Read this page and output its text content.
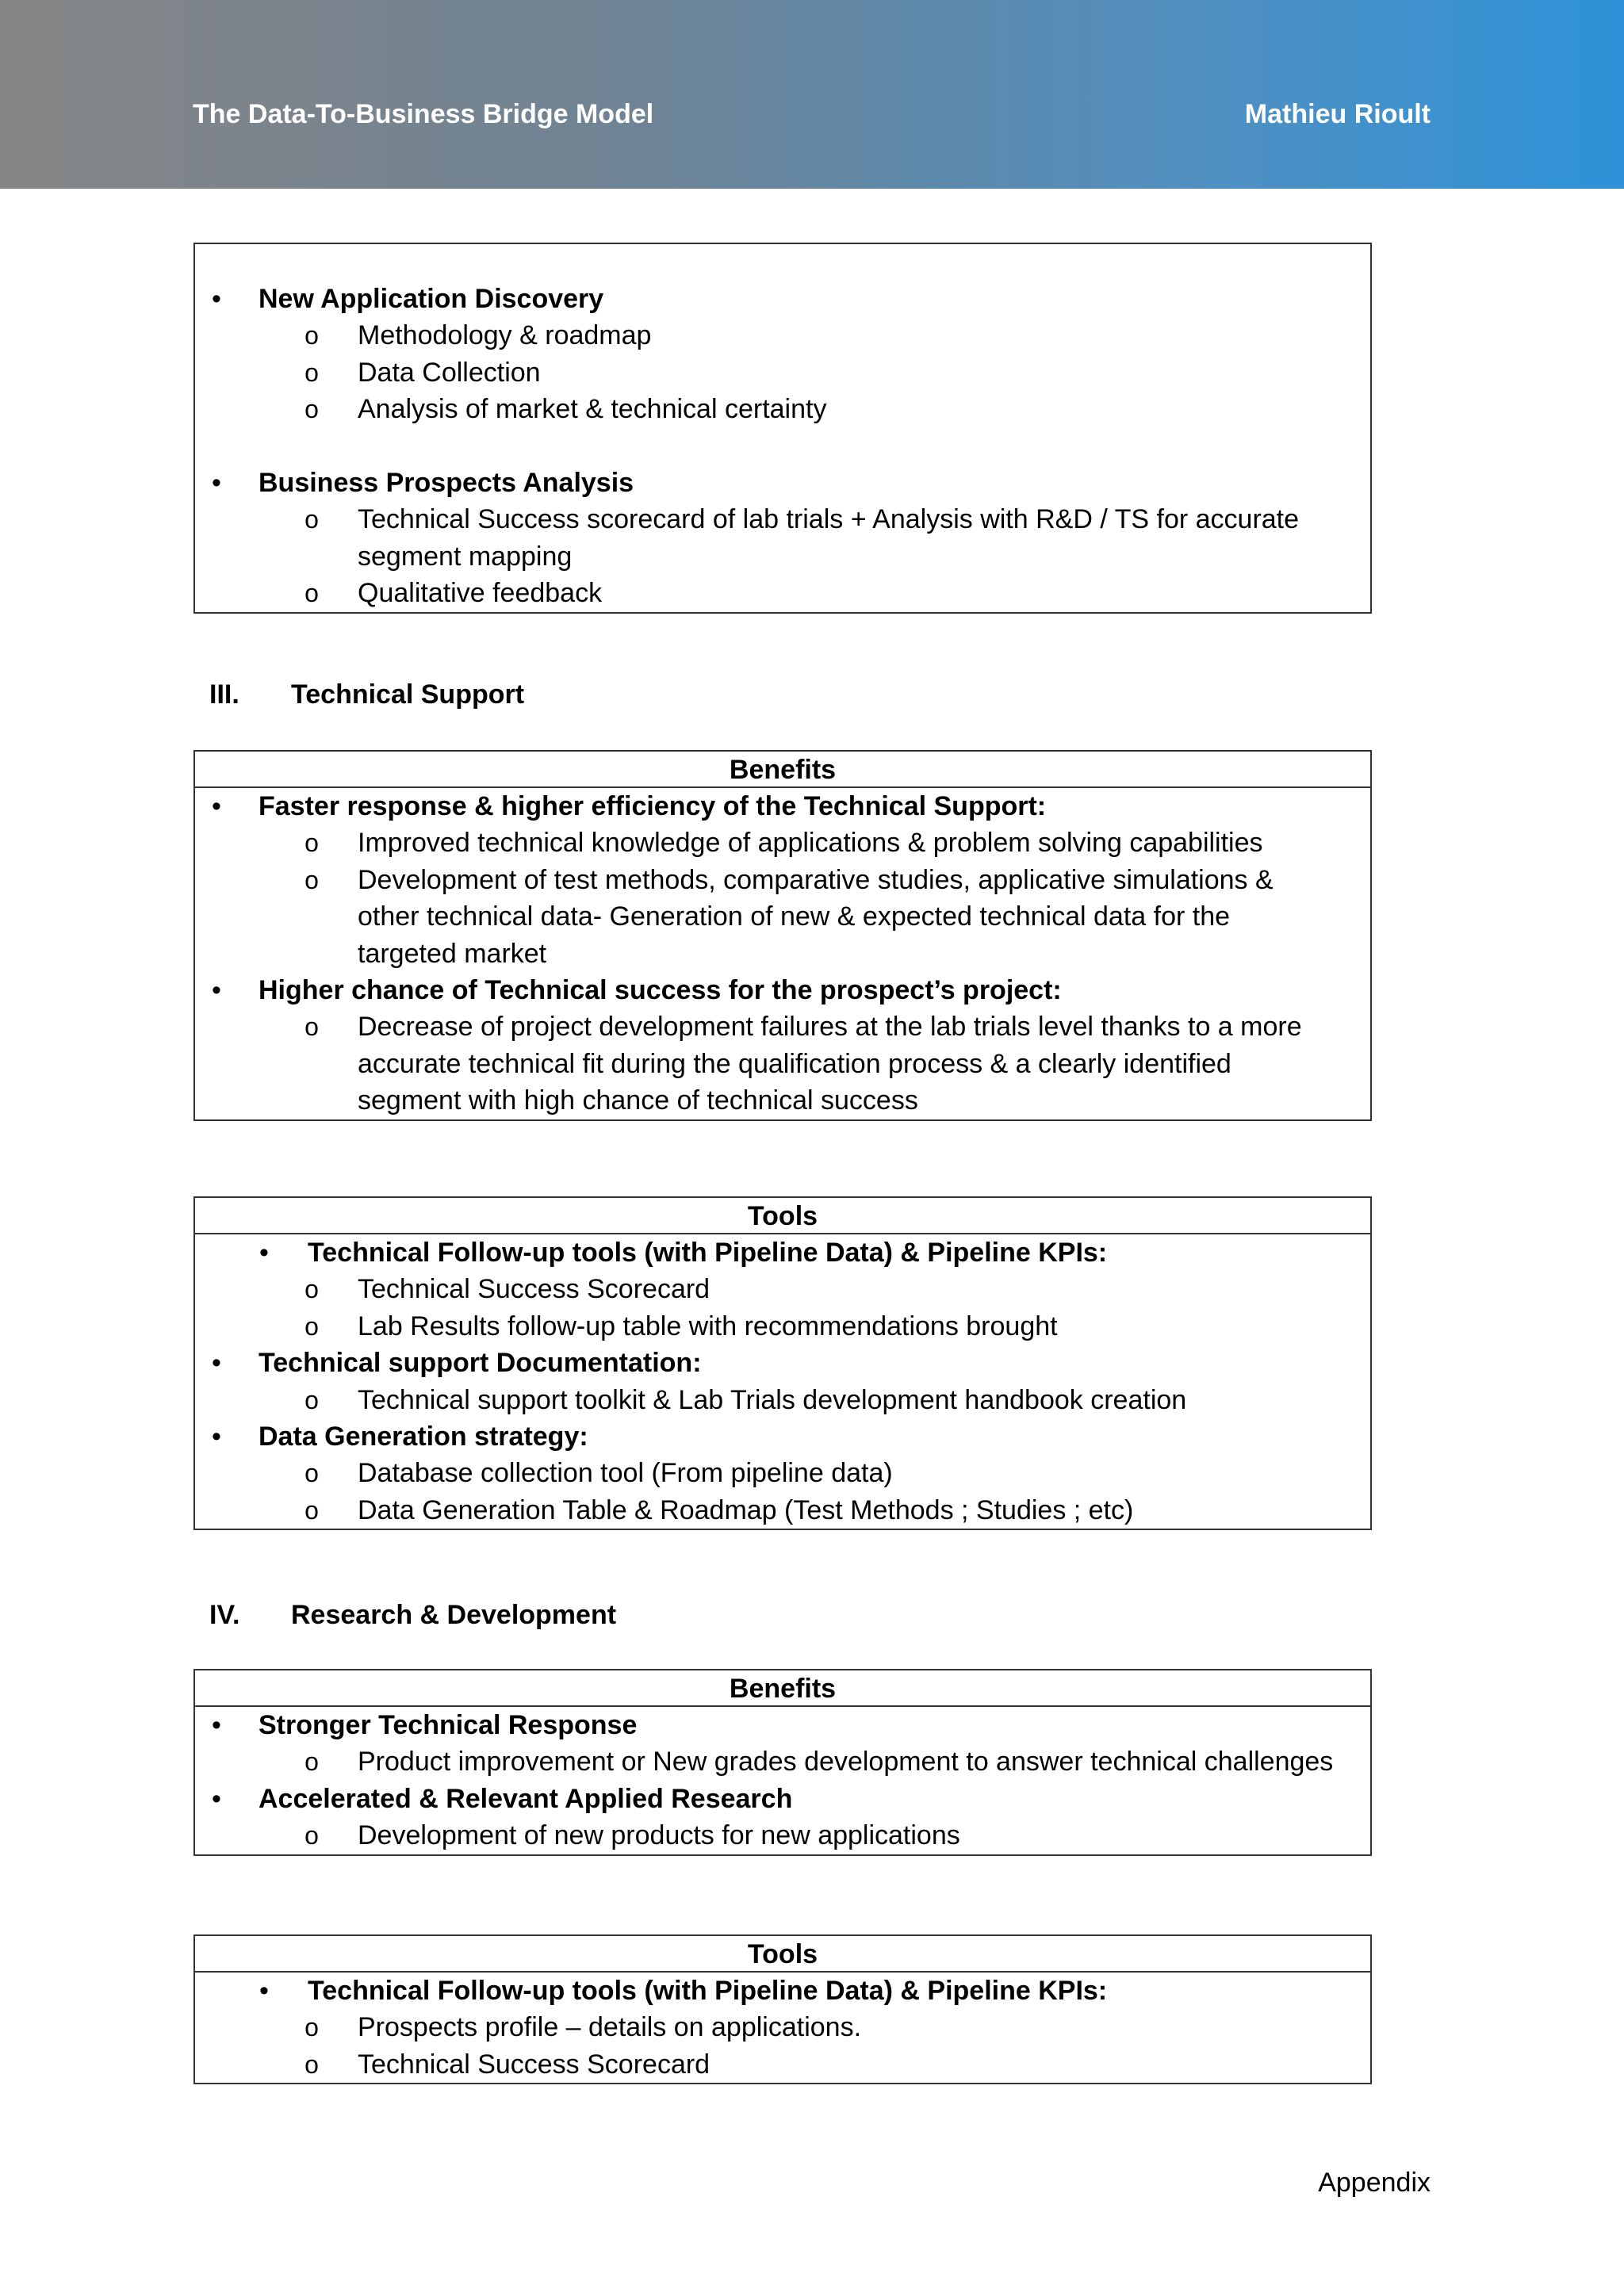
The Data-To-Business Bridge Model	Mathieu Rioult
• New Application Discovery
o Methodology & roadmap
o Data Collection
o Analysis of market & technical certainty
• Business Prospects Analysis
o Technical Success scorecard of lab trials + Analysis with R&D / TS for accurate
segment mapping
o Qualitative feedback
III. Technical Support
Benefits
• Faster response & higher efficiency of the Technical Support:
o Improved technical knowledge of applications & problem solving capabilities
o Development of test methods, comparative studies, applicative simulations &
other technical data- Generation of new & expected technical data for the
targeted market
• Higher chance of Technical success for the prospect’s project:
o Decrease of project development failures at the lab trials level thanks to a more
accurate technical fit during the qualification process & a clearly identified
segment with high chance of technical success
Tools
• Technical Follow-up tools (with Pipeline Data) & Pipeline KPIs:
o Technical Success Scorecard
o Lab Results follow-up table with recommendations brought
• Technical support Documentation:
o Technical support toolkit & Lab Trials development handbook creation
• Data Generation strategy:
o Database collection tool (From pipeline data)
o Data Generation Table & Roadmap (Test Methods ; Studies ; etc)
IV. Research & Development
Benefits
• Stronger Technical Response
o Product improvement or New grades development to answer technical challenges
• Accelerated & Relevant Applied Research
o Development of new products for new applications
Tools
• Technical Follow-up tools (with Pipeline Data) & Pipeline KPIs:
o Prospects profile – details on applications.
o Technical Success Scorecard
Appendix
